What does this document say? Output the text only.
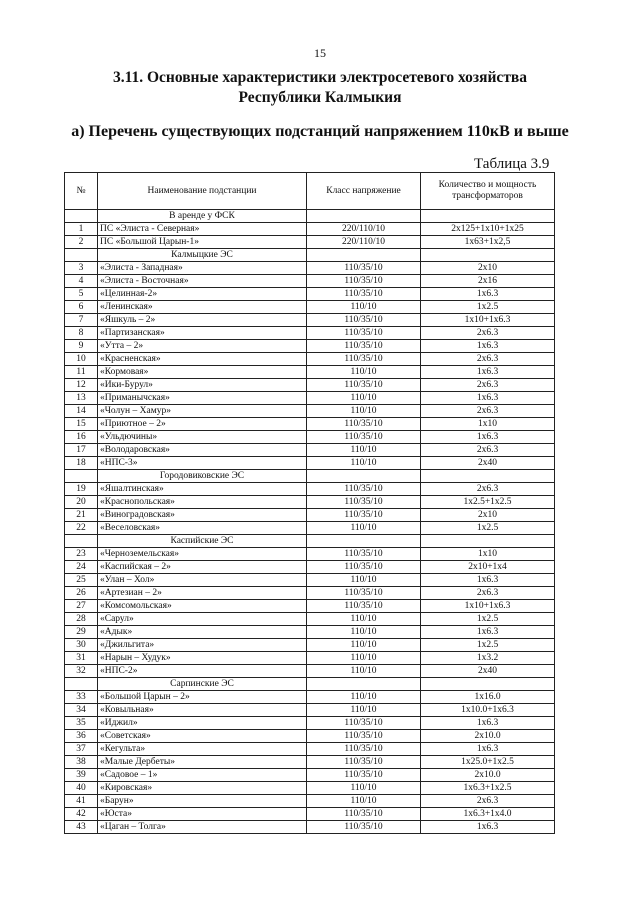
15
3.11. Основные характеристики электросетевого хозяйства
Республики Калмыкия
а) Перечень существующих подстанций напряжением 110кВ и выше
Таблица 3.9
№	Наименование подстанции	Класс напряжение	Количество и мощность трансформаторов
	В аренде у ФСК		
1	ПС «Элиста - Северная»	220/110/10	2x125+1x10+1x25
2	ПС «Большой Царын-1»	220/110/10	1x63+1x2,5
	Калмыцкие ЭС		
3	«Элиста - Западная»	110/35/10	2x10
4	«Элиста - Восточная»	110/35/10	2x16
5	«Целинная-2»	110/35/10	1x6.3
6	«Ленинская»	110/10	1x2.5
7	«Яшкуль – 2»	110/35/10	1x10+1x6.3
8	«Партизанская»	110/35/10	2x6.3
9	«Утта – 2»	110/35/10	1x6.3
10	«Красненская»	110/35/10	2x6.3
11	«Кормовая»	110/10	1x6.3
12	«Ики-Бурул»	110/35/10	2x6.3
13	«Приманычская»	110/10	1x6.3
14	«Чолун – Хамур»	110/10	2x6.3
15	«Приютное – 2»	110/35/10	1x10
16	«Ульдючины»	110/35/10	1x6.3
17	«Володаровская»	110/10	2x6.3
18	«НПС-3»	110/10	2x40
	Городовиковские ЭС		
19	«Яшалтинская»	110/35/10	2x6.3
20	«Краснопольская»	110/35/10	1x2.5+1x2.5
21	«Виноградовская»	110/35/10	2x10
22	«Веселовская»	110/10	1x2.5
	Каспийские ЭС		
23	«Черноземельская»	110/35/10	1x10
24	«Каспийская – 2»	110/35/10	2x10+1x4
25	«Улан – Хол»	110/10	1x6.3
26	«Артезиан – 2»	110/35/10	2x6.3
27	«Комсомольская»	110/35/10	1x10+1x6.3
28	«Сарул»	110/10	1x2.5
29	«Адык»	110/10	1x6.3
30	«Джильгита»	110/10	1x2.5
31	«Нарын – Худук»	110/10	1x3.2
32	«НПС-2»	110/10	2x40
	Сарпинские ЭС		
33	«Большой Царын – 2»	110/10	1x16.0
34	«Ковыльная»	110/10	1x10.0+1x6.3
35	«Иджил»	110/35/10	1x6.3
36	«Советская»	110/35/10	2x10.0
37	«Кегульта»	110/35/10	1x6.3
38	«Малые Дербеты»	110/35/10	1x25.0+1x2.5
39	«Садовое – 1»	110/35/10	2x10.0
40	«Кировская»	110/10	1x6.3+1x2.5
41	«Барун»	110/10	2x6.3
42	«Юста»	110/35/10	1x6.3+1x4.0
43	«Цаган – Толга»	110/35/10	1x6.3
